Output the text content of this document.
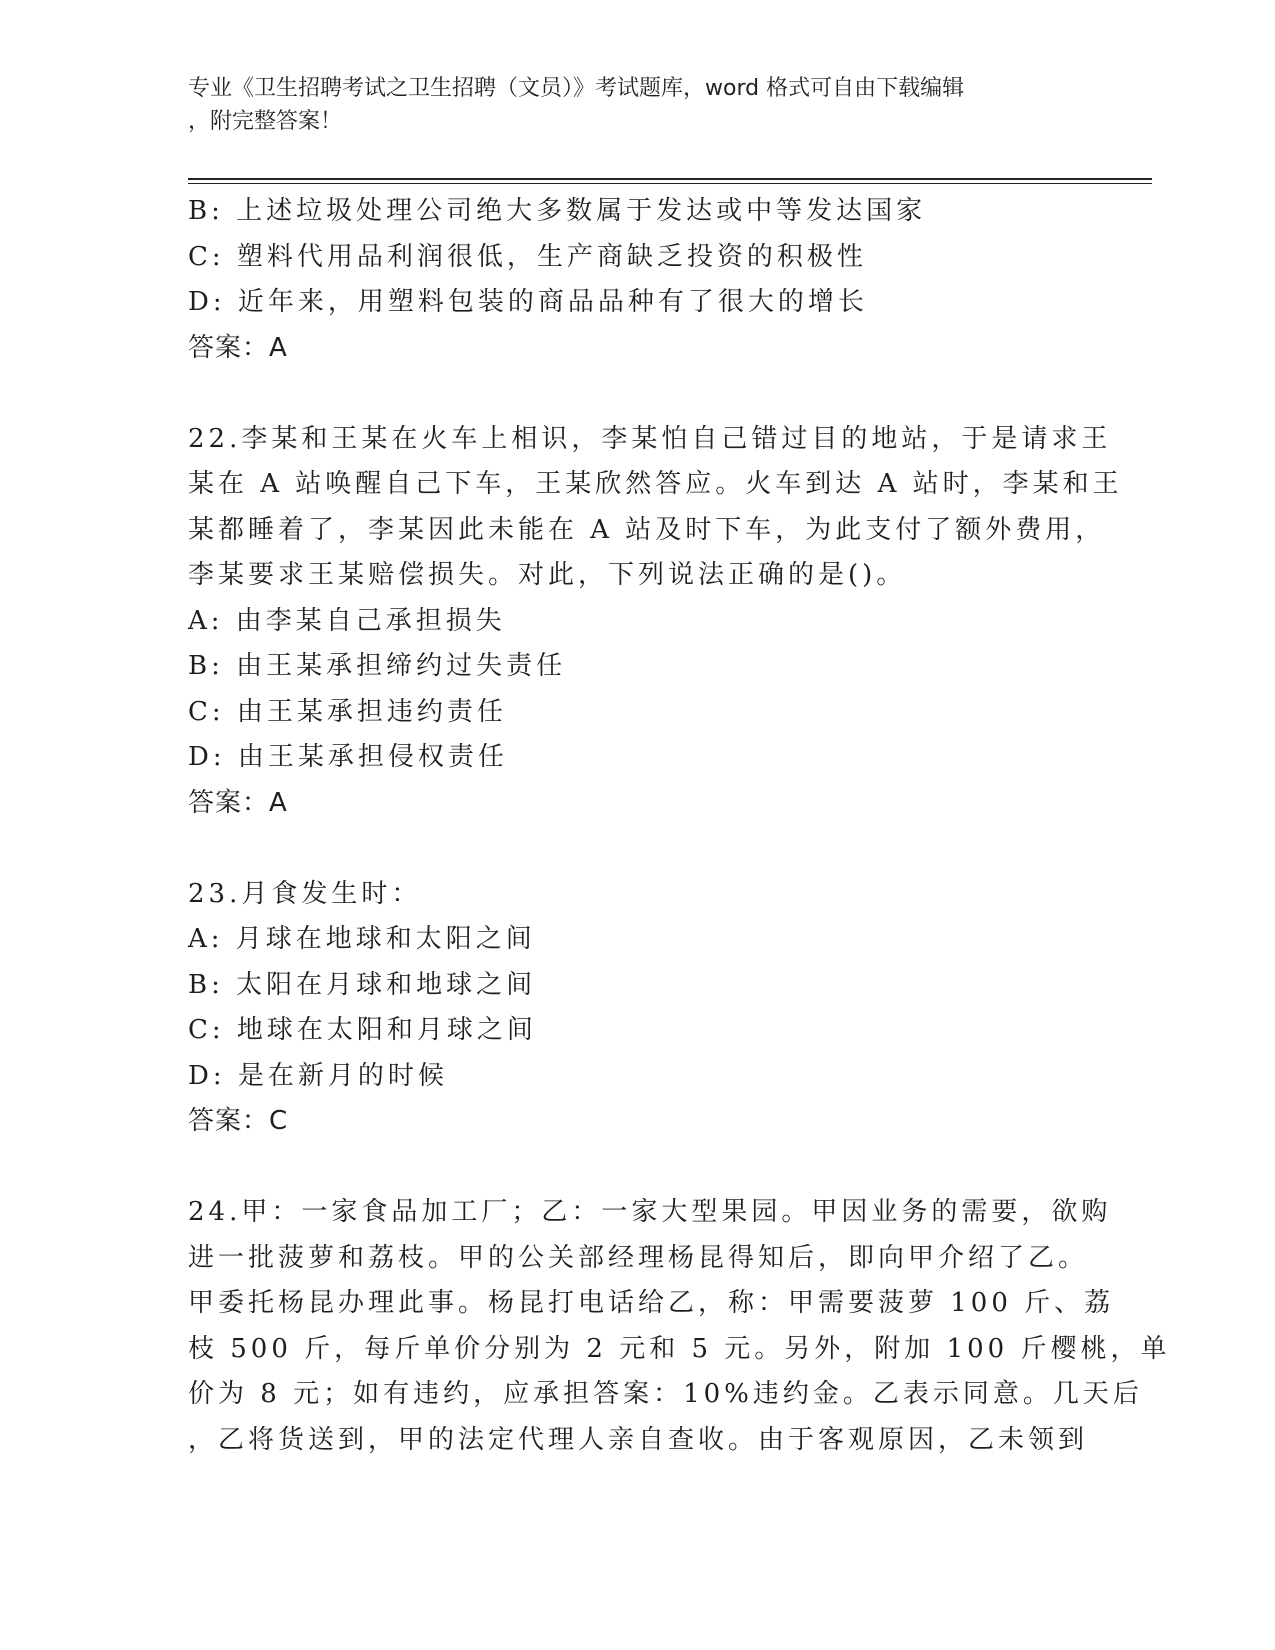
专业《卫生招聘考试之卫生招聘（文员）》考试题库，word 格式可自由下载编辑
，附完整答案！
B: 上述垃圾处理公司绝大多数属于发达或中等发达国家
C: 塑料代用品利润很低，生产商缺乏投资的积极性
D: 近年来，用塑料包装的商品品种有了很大的增长
答案：A
22.李某和王某在火车上相识，李某怕自己错过目的地站，于是请求王
某在 A 站唤醒自己下车，王某欣然答应。火车到达 A 站时，李某和王
某都睡着了，李某因此未能在 A 站及时下车，为此支付了额外费用，
李某要求王某赔偿损失。对此，下列说法正确的是()。
A: 由李某自己承担损失
B: 由王某承担缔约过失责任
C: 由王某承担违约责任
D: 由王某承担侵权责任
答案：A
23.月食发生时：
A: 月球在地球和太阳之间
B: 太阳在月球和地球之间
C: 地球在太阳和月球之间
D: 是在新月的时候
答案：C
24.甲：一家食品加工厂；乙：一家大型果园。甲因业务的需要，欲购
进一批菠萝和荔枝。甲的公关部经理杨昆得知后，即向甲介绍了乙。
甲委托杨昆办理此事。杨昆打电话给乙，称：甲需要菠萝 100 斤、荔
枝 500 斤，每斤单价分别为 2 元和 5 元。另外，附加 100 斤樱桃，单
价为 8 元；如有违约，应承担答案：10%违约金。乙表示同意。几天后
，乙将货送到，甲的法定代理人亲自查收。由于客观原因，乙未领到
